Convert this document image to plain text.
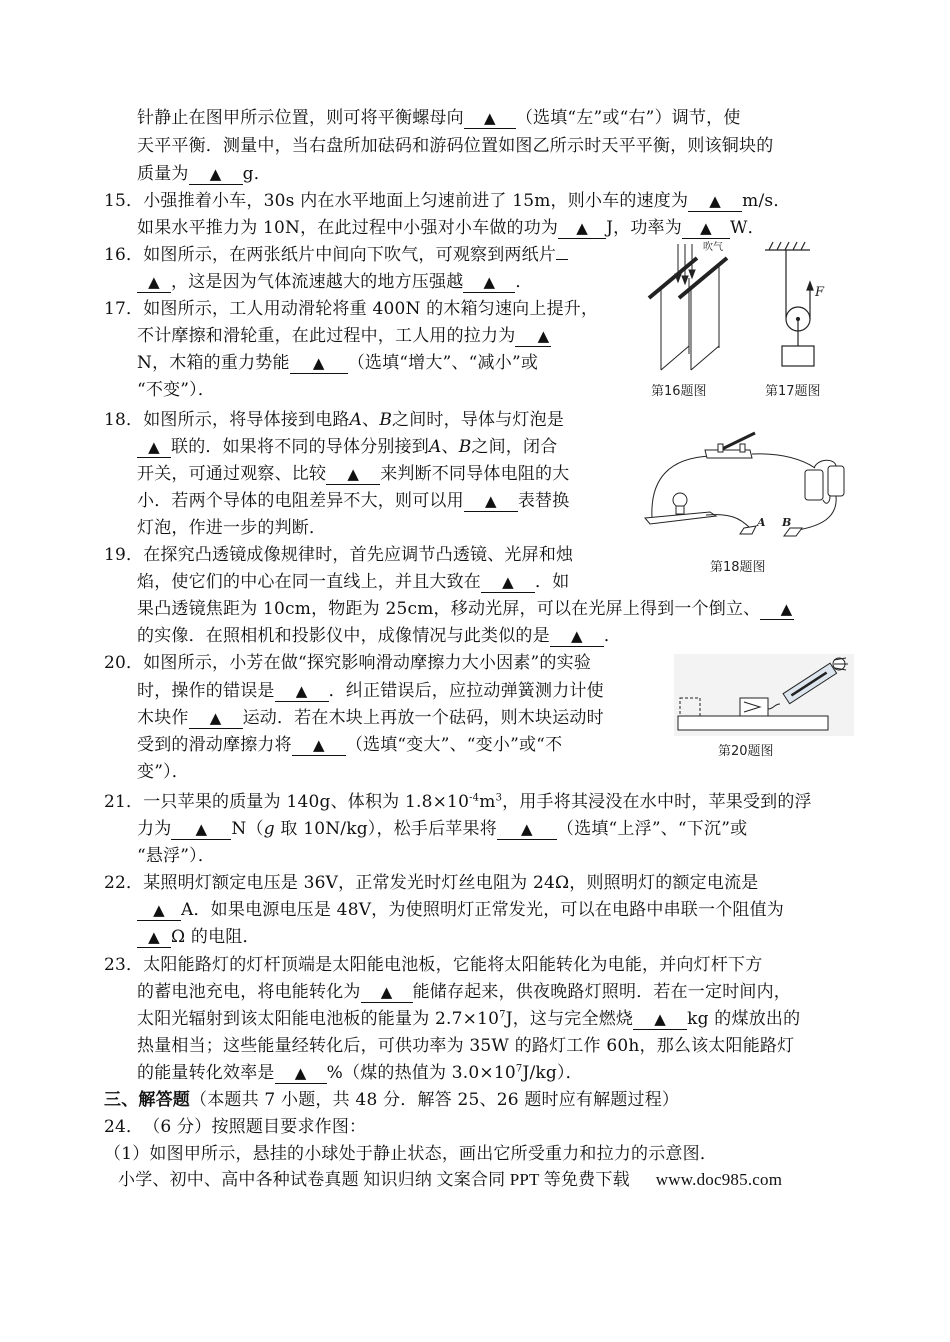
针静止在图甲所示位置，则可将平衡螺母向 ▲ （选填“左”或“右”）调节，使
天平平衡．测量中，当右盘所加砝码和游码位置如图乙所示时天平平衡，则该铜块的
质量为 ▲ g．
15．小强推着小车，30s 内在水平地面上匀速前进了 15m，则小车的速度为 ▲ m/s．
如果水平推力为 10N，在此过程中小强对小车做的功为 ▲ J，功率为 ▲ W．
16．如图所示，在两张纸片中间向下吹气，可观察到两纸片
▲ ，这是因为气体流速越大的地方压强越 ▲ ．
17．如图所示，工人用动滑轮将重 400N 的木箱匀速向上提升，
不计摩擦和滑轮重，在此过程中，工人用的拉力为 ▲
N，木箱的重力势能 ▲ （选填“增大”、“减小”或
“不变”）．
吹气
F
第16题图	第17题图
18．如图所示，将导体接到电路A、B之间时，导体与灯泡是
▲ 联的．如果将不同的导体分别接到A、B之间，闭合
开关，可通过观察、比较 ▲ 来判断不同导体电阻的大
小．若两个导体的电阻差异不大，则可以用 ▲ 表替换
灯泡，作进一步的判断．	A B
第18题图
19．在探究凸透镜成像规律时，首先应调节凸透镜、光屏和烛
焰，使它们的中心在同一直线上，并且大致在 ▲ ．如
果凸透镜焦距为 10cm，物距为 25cm，移动光屏，可以在光屏上得到一个倒立、 ▲
的实像．在照相机和投影仪中，成像情况与此类似的是 ▲ ．
20．如图所示，小芳在做“探究影响滑动摩擦力大小因素”的实验
时，操作的错误是 ▲ ．纠正错误后，应拉动弹簧测力计使
木块作 ▲ 运动．若在木块上再放一个砝码，则木块运动时
受到的滑动摩擦力将 ▲ （选填“变大”、“变小”或“不
变”）．
第20题图
21．一只苹果的质量为 140g、体积为 $1.8\times 10^{-4}m^3$，用手将其浸没在水中时，苹果受到的浮
力为 ▲ N（g 取 10N/kg），松手后苹果将 ▲ （选填“上浮”、“下沉”或
“悬浮”）．
22．某照明灯额定电压是 36V，正常发光时灯丝电阻为 24Ω，则照明灯的额定电流是
▲ A．如果电源电压是 48V，为使照明灯正常发光，可以在电路中串联一个阻值为
▲ Ω 的电阻．
23．太阳能路灯的灯杆顶端是太阳能电池板，它能将太阳能转化为电能，并向灯杆下方
的蓄电池充电，将电能转化为 ▲ 能储存起来，供夜晚路灯照明．若在一定时间内，
太阳光辐射到该太阳能电池板的能量为 $2.7\times 10^7J$，这与完全燃烧 ▲ kg 的煤放出的
热量相当；这些能量经转化后，可供功率为 35W 的路灯工作 60h，那么该太阳能路灯
的能量转化效率是 ▲ %（煤的热值为 $3.0\times 10^7J/kg$）．
三、解答题（本题共 7 小题，共 48 分．解答 25、26 题时应有解题过程）
24．（6 分）按照题目要求作图：
（1）如图甲所示，悬挂的小球处于静止状态，画出它所受重力和拉力的示意图．
小学、初中、高中各种试卷真题 知识归纳 文案合同 PPT 等免费下载 www.doc985.com
